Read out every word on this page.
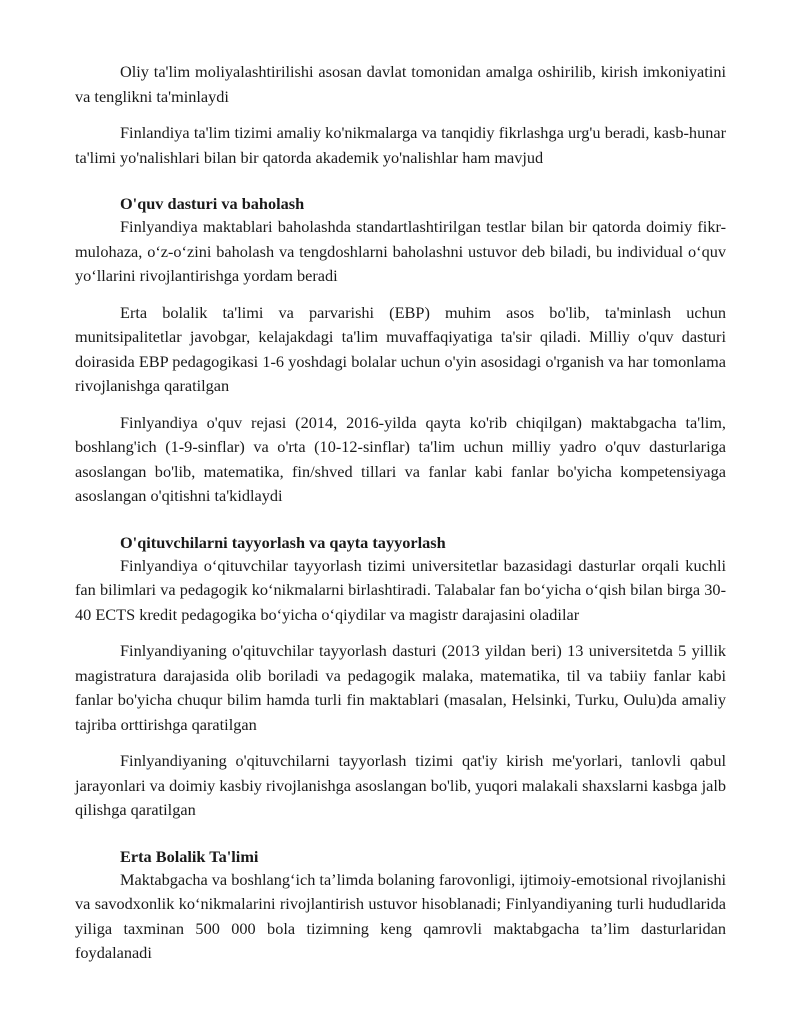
Oliy ta'lim moliyalashtirilishi asosan davlat tomonidan amalga oshirilib, kirish imkoniyatini va tenglikni ta'minlaydi

Finlandiya ta'lim tizimi amaliy ko'nikmalarga va tanqidiy fikrlashga urg'u beradi, kasb-hunar ta'limi yo'nalishlari bilan bir qatorda akademik yo'nalishlar ham mavjud

O'quv dasturi va baholash

Finlyandiya maktablari baholashda standartlashtirilgan testlar bilan bir qatorda doimiy fikr-mulohaza, o‘z-o‘zini baholash va tengdoshlarni baholashni ustuvor deb biladi, bu individual o‘quv yo‘llarini rivojlantirishga yordam beradi

Erta bolalik ta'limi va parvarishi (EBP) muhim asos bo'lib, ta'minlash uchun munitsipalitetlar javobgar, kelajakdagi ta'lim muvaffaqiyatiga ta'sir qiladi. Milliy o'quv dasturi doirasida EBP pedagogikasi 1-6 yoshdagi bolalar uchun o'yin asosidagi o'rganish va har tomonlama rivojlanishga qaratilgan

Finlyandiya o'quv rejasi (2014, 2016-yilda qayta ko'rib chiqilgan) maktabgacha ta'lim, boshlang'ich (1-9-sinflar) va o'rta (10-12-sinflar) ta'lim uchun milliy yadro o'quv dasturlariga asoslangan bo'lib, matematika, fin/shved tillari va fanlar kabi fanlar bo'yicha kompetensiyaga asoslangan o'qitishni ta'kidlaydi

O'qituvchilarni tayyorlash va qayta tayyorlash

Finlyandiya o‘qituvchilar tayyorlash tizimi universitetlar bazasidagi dasturlar orqali kuchli fan bilimlari va pedagogik ko‘nikmalarni birlashtiradi. Talabalar fan bo‘yicha o‘qish bilan birga 30-40 ECTS kredit pedagogika bo‘yicha o‘qiydilar va magistr darajasini oladilar

Finlyandiyaning o'qituvchilar tayyorlash dasturi (2013 yildan beri) 13 universitetda 5 yillik magistratura darajasida olib boriladi va pedagogik malaka, matematika, til va tabiiy fanlar kabi fanlar bo'yicha chuqur bilim hamda turli fin maktablari (masalan, Helsinki, Turku, Oulu)da amaliy tajriba orttirishga qaratilgan

Finlyandiyaning o'qituvchilarni tayyorlash tizimi qat'iy kirish me'yorlari, tanlovli qabul jarayonlari va doimiy kasbiy rivojlanishga asoslangan bo'lib, yuqori malakali shaxslarni kasbga jalb qilishga qaratilgan

Erta Bolalik Ta'limi

Maktabgacha va boshlang‘ich ta’limda bolaning farovonligi, ijtimoiy-emotsional rivojlanishi va savodxonlik ko‘nikmalarini rivojlantirish ustuvor hisoblanadi; Finlyandiyaning turli hududlarida yiliga taxminan 500 000 bola tizimning keng qamrovli maktabgacha ta’lim dasturlaridan foydalanadi
